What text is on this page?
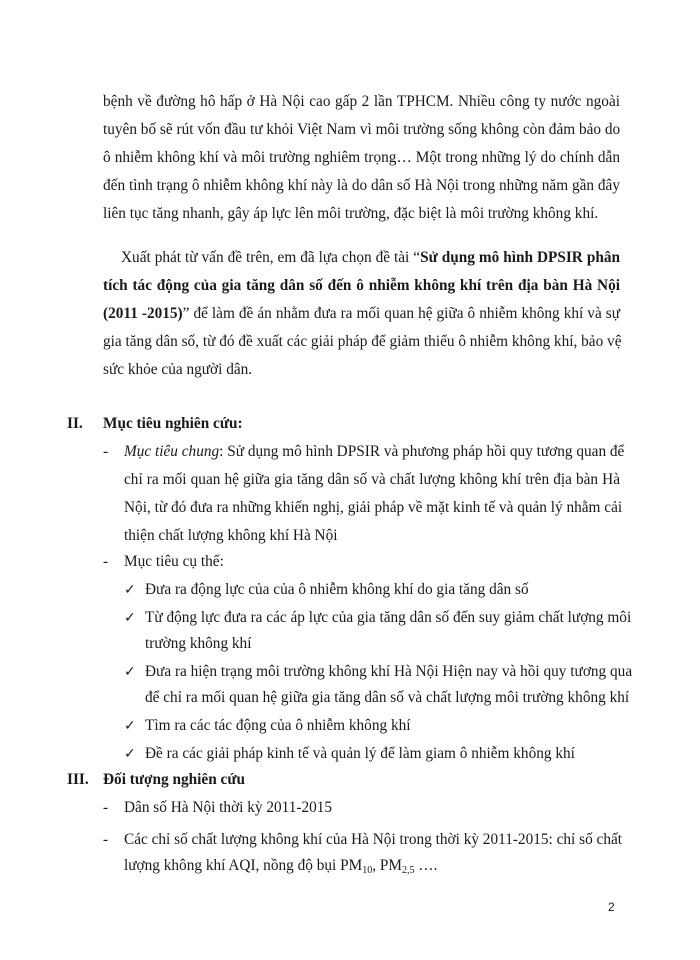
bệnh về đường hô hấp ở Hà Nội cao gấp 2 lần TPHCM. Nhiều công ty nước ngoài
tuyên bố sẽ rút vốn đầu tư khỏi Việt Nam vì môi trường sống không còn đảm bảo do
ô nhiễm không khí và môi trường nghiêm trọng… Một trong những lý do chính dẫn
đến tình trạng ô nhiễm không khí này là do dân số Hà Nội trong những năm gần đây
liên tục tăng nhanh, gây áp lực lên môi trường, đặc biệt là môi trường không khí.
Xuất phát từ vấn đề trên, em đã lựa chọn đề tài “Sử dụng mô hình DPSIR phân
tích tác động của gia tăng dân số đến ô nhiễm không khí trên địa bàn Hà Nội
(2011 -2015)” để làm đề án nhằm đưa ra mối quan hệ giữa ô nhiễm không khí và sự
gia tăng dân số, từ đó đề xuất các giải pháp để giảm thiểu ô nhiễm không khí, bảo vệ
sức khỏe của người dân.
II. Mục tiêu nghiên cứu:
- Mục tiêu chung: Sử dụng mô hình DPSIR và phương pháp hồi quy tương quan để
chỉ ra mối quan hệ giữa gia tăng dân số và chất lượng không khí trên địa bàn Hà
Nội, từ đó đưa ra những khiến nghị, giải pháp về mặt kinh tế và quản lý nhằm cải
thiện chất lượng không khí Hà Nội
- Mục tiêu cụ thể:
✓ Đưa ra động lực của của ô nhiễm không khí do gia tăng dân số
✓ Từ động lực đưa ra các áp lực của gia tăng dân số đến suy giảm chất lượng môi
trường không khí
✓ Đưa ra hiện trạng môi trường không khí Hà Nội Hiện nay và hồi quy tương qua
để chỉ ra mối quan hệ giữa gia tăng dân số và chất lượng môi trường không khí
✓ Tìm ra các tác động của ô nhiễm không khí
✓ Đề ra các giải pháp kinh tế và quản lý để làm giam ô nhiễm không khí
III. Đối tượng nghiên cứu
- Dân số Hà Nội thời kỳ 2011-2015
- Các chỉ số chất lượng không khí của Hà Nội trong thời kỳ 2011-2015: chỉ số chất
lượng không khí AQI, nồng độ bụi $PM_{10}$, $PM_{2,5}$ ….
2
